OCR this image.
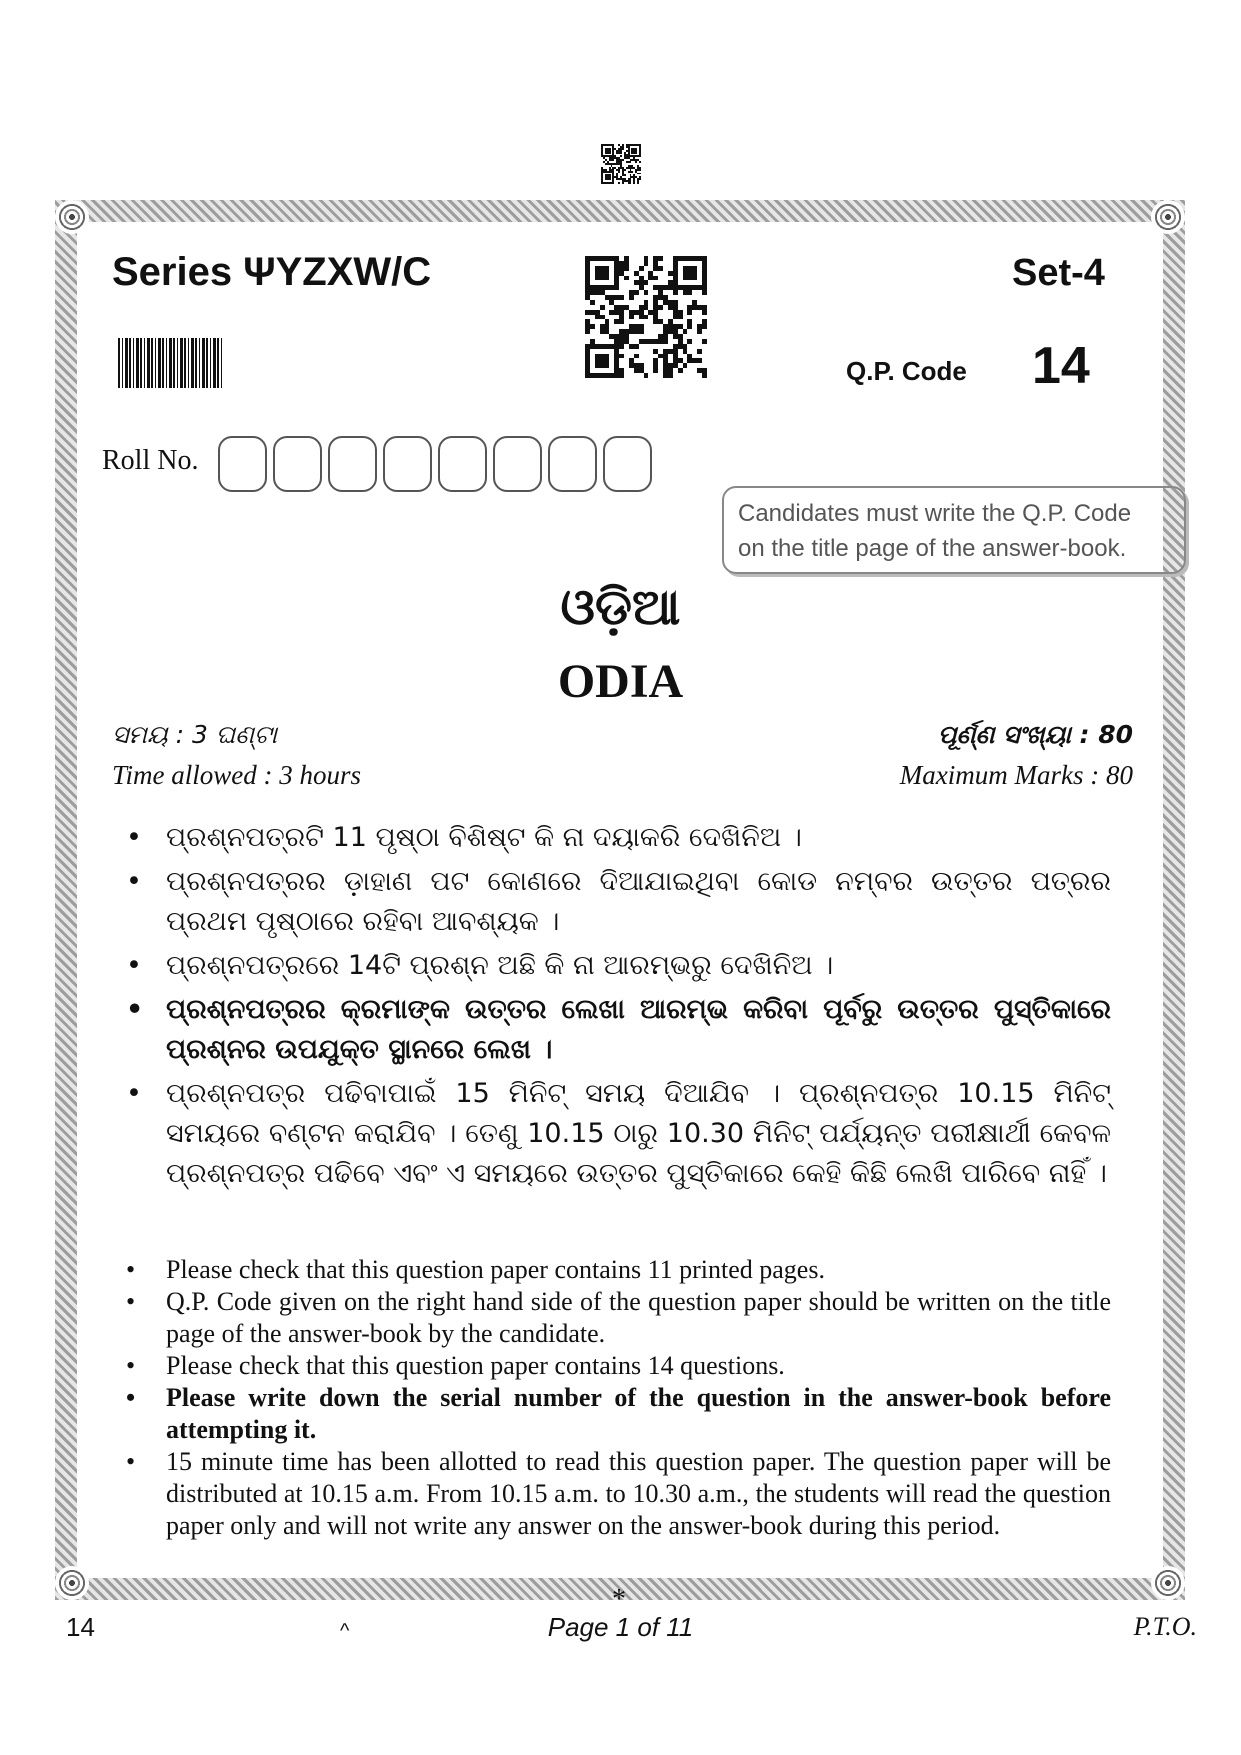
Series ΨYZXW/C	Set-4
Q.P. Code 14
Roll No.
Candidates must write the Q.P. Code
on the title page of the answer-book.
ଓଡ଼ିଆ
ODIA
ସମୟ : 3 ଘଣ୍ଟା	ପୂର୍ଣ୍ଣ ସଂଖ୍ୟା : 80
Time allowed : 3 hours	Maximum Marks : 80
• ପ୍ରଶ୍ନପତ୍ରଟି 11 ପୃଷ୍ଠା ବିଶିଷ୍ଟ କି ନା ଦୟାକରି ଦେଖିନିଅ ।
• ପ୍ରଶ୍ନପତ୍ରର ଡ଼ାହାଣ ପଟ କୋଣରେ ଦିଆଯାଇଥିବା କୋଡ ନମ୍ବର ଉତ୍ତର ପତ୍ରର ପ୍ରଥମ ପୃଷ୍ଠାରେ ରହିବା ଆବଶ୍ୟକ ।
• ପ୍ରଶ୍ନପତ୍ରରେ 14ଟି ପ୍ରଶ୍ନ ଅଛି କି ନା ଆରମ୍ଭରୁ ଦେଖିନିଅ ।
• ପ୍ରଶ୍ନପତ୍ରର କ୍ରମାଙ୍କ ଉତ୍ତର ଲେଖା ଆରମ୍ଭ କରିବା ପୂର୍ବରୁ ଉତ୍ତର ପୁସ୍ତିକାରେ ପ୍ରଶ୍ନର ଉପଯୁକ୍ତ ସ୍ଥାନରେ ଲେଖ ।
• ପ୍ରଶ୍ନପତ୍ର ପଢିବାପାଇଁ 15 ମିନିଟ୍ ସମୟ ଦିଆଯିବ । ପ୍ରଶ୍ନପତ୍ର 10.15 ମିନିଟ୍ ସମୟରେ ବଣ୍ଟନ କରାଯିବ । ତେଣୁ 10.15 ଠାରୁ 10.30 ମିନିଟ୍ ପର୍ଯ୍ୟନ୍ତ ପରୀକ୍ଷାର୍ଥୀ କେବଳ ପ୍ରଶ୍ନପତ୍ର ପଢିବେ ଏବଂ ଏ ସମୟରେ ଉତ୍ତର ପୁସ୍ତିକାରେ କେହି କିଛି ଲେଖି ପାରିବେ ନାହିଁ ।
•	Please check that this question paper contains 11 printed pages.
•	Q.P. Code given on the right hand side of the question paper should be written on the title page of the answer-book by the candidate.
•	Please check that this question paper contains 14 questions.
•	Please write down the serial number of the question in the answer-book before attempting it.
•	15 minute time has been allotted to read this question paper. The question paper will be distributed at 10.15 a.m. From 10.15 a.m. to 10.30 a.m., the students will read the question paper only and will not write any answer on the answer-book during this period.
*
14	^	Page 1 of 11	P.T.O.
